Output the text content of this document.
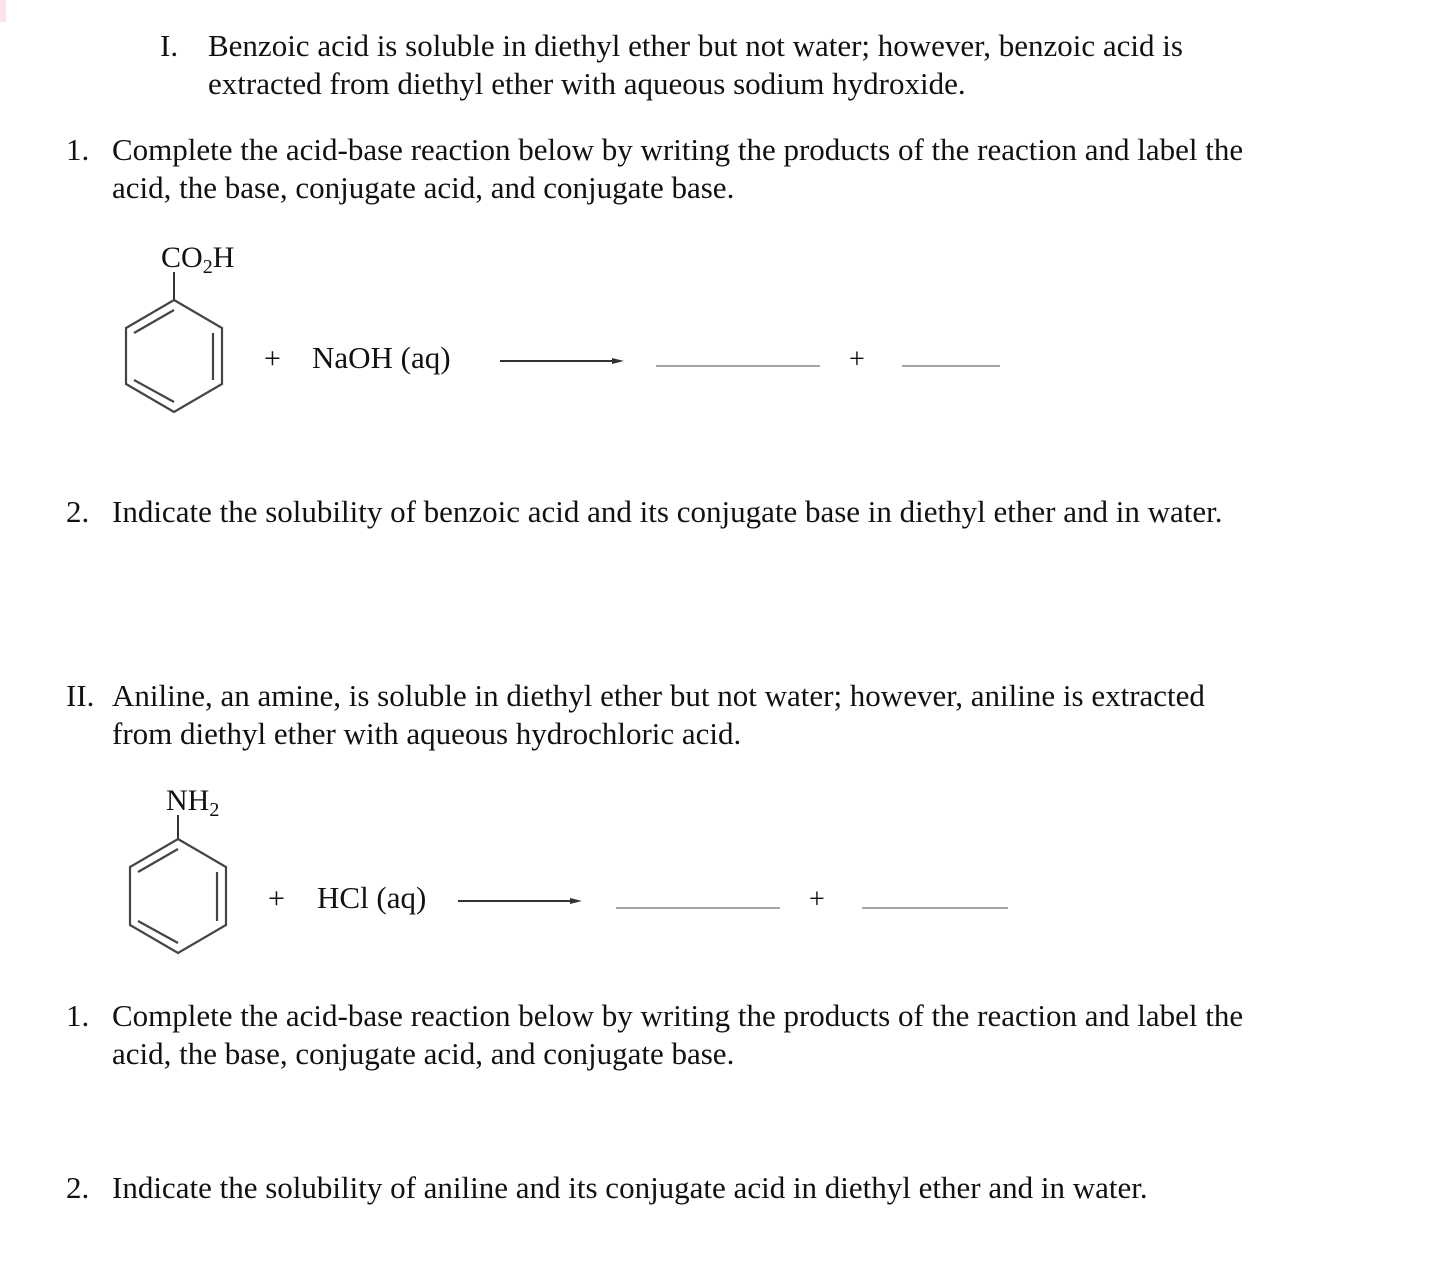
I. Benzoic acid is soluble in diethyl ether but not water; however, benzoic acid is extracted from diethyl ether with aqueous sodium hydroxide.
1. Complete the acid-base reaction below by writing the products of the reaction and label the acid, the base, conjugate acid, and conjugate base.
$CO_2H$
+ NaOH (aq)	+
2. Indicate the solubility of benzoic acid and its conjugate base in diethyl ether and in water.
II. Aniline, an amine, is soluble in diethyl ether but not water; however, aniline is extracted from diethyl ether with aqueous hydrochloric acid.
$NH_2$
+ HCl (aq)	+
1. Complete the acid-base reaction below by writing the products of the reaction and label the acid, the base, conjugate acid, and conjugate base.
2. Indicate the solubility of aniline and its conjugate acid in diethyl ether and in water.
